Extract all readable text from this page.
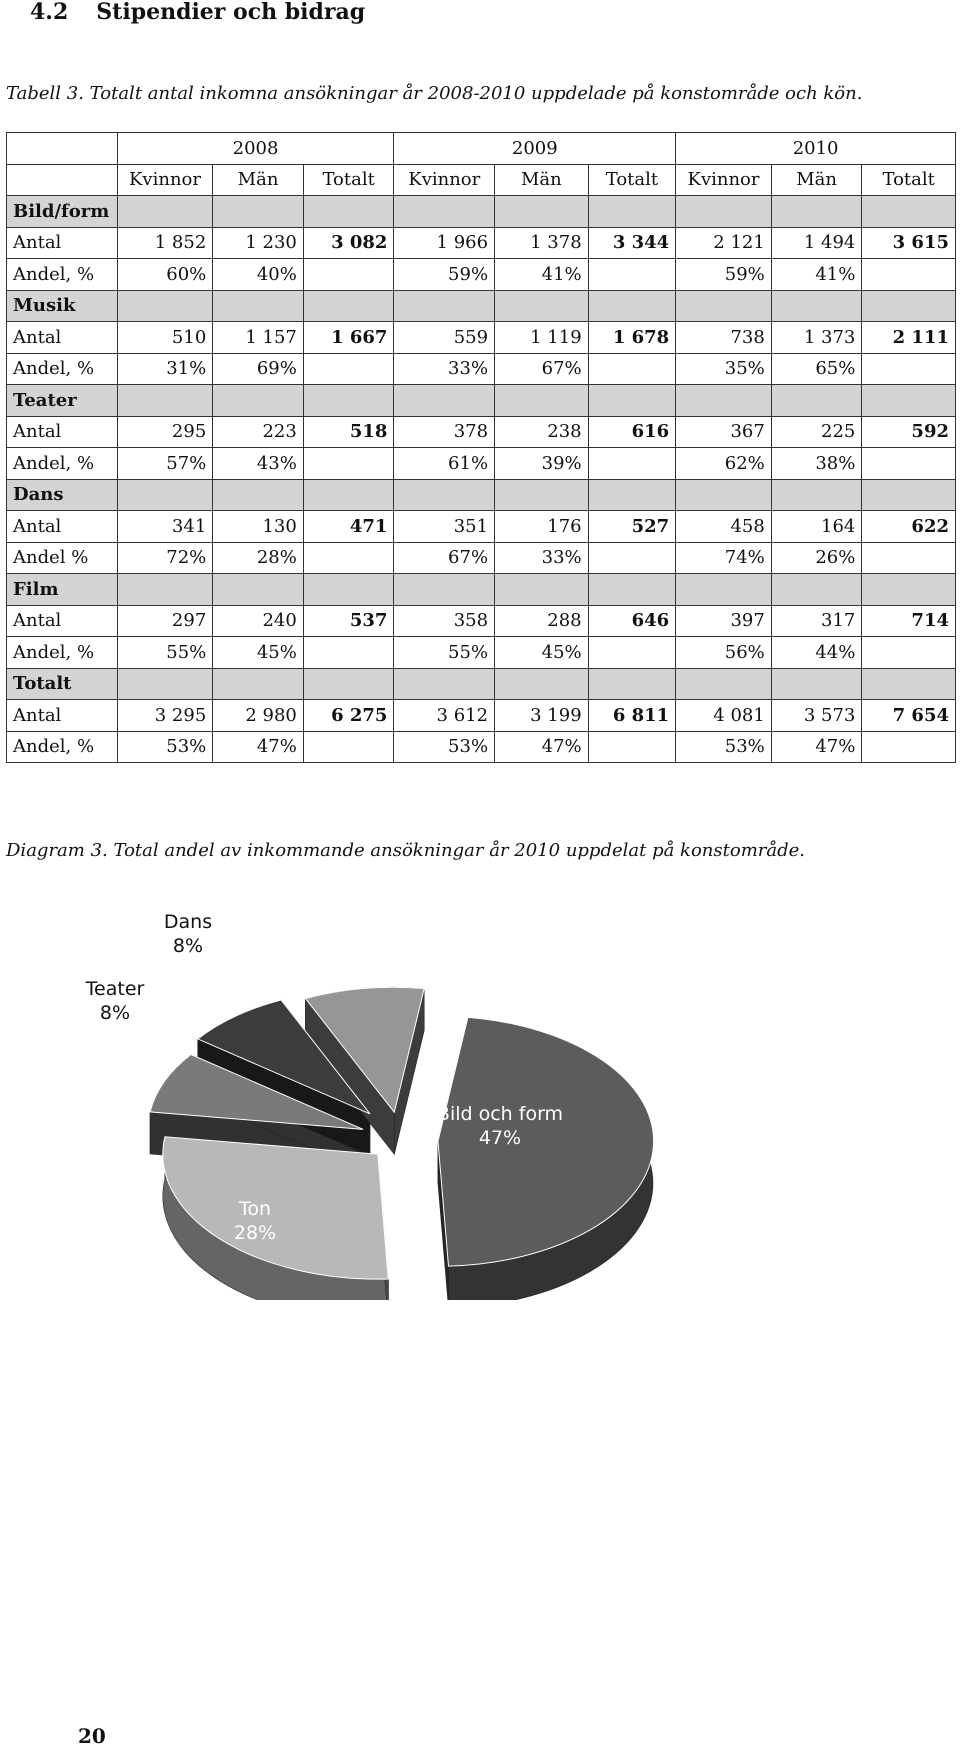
4.2 Stipendier och bidrag
Tabell 3. Totalt antal inkomna ansökningar år 2008-2010 uppdelade på konstområde och kön.
	2008			2009			2010		
	Kvinnor	Män	Totalt	Kvinnor	Män	Totalt	Kvinnor	Män	Totalt
Bild/form									
Antal	1 852	1 230	3 082	1 966	1 378	3 344	2 121	1 494	3 615
Andel, %	60%	40%		59%	41%		59%	41%	
Musik									
Antal	510	1 157	1 667	559	1 119	1 678	738	1 373	2 111
Andel, %	31%	69%		33%	67%		35%	65%	
Teater									
Antal	295	223	518	378	238	616	367	225	592
Andel, %	57%	43%		61%	39%		62%	38%	
Dans									
Antal	341	130	471	351	176	527	458	164	622
Andel %	72%	28%		67%	33%		74%	26%	
Film									
Antal	297	240	537	358	288	646	397	317	714
Andel, %	55%	45%		55%	45%		56%	44%	
Totalt									
Antal	3 295	2 980	6 275	3 612	3 199	6 811	4 081	3 573	7 654
Andel, %	53%	47%		53%	47%		53%	47%	
Diagram 3. Total andel av inkommande ansökningar år 2010 uppdelat på konstområde.
Bild och form
47%
Ton
28%
Teater
8%
Dans
8%	Film
9%
20
